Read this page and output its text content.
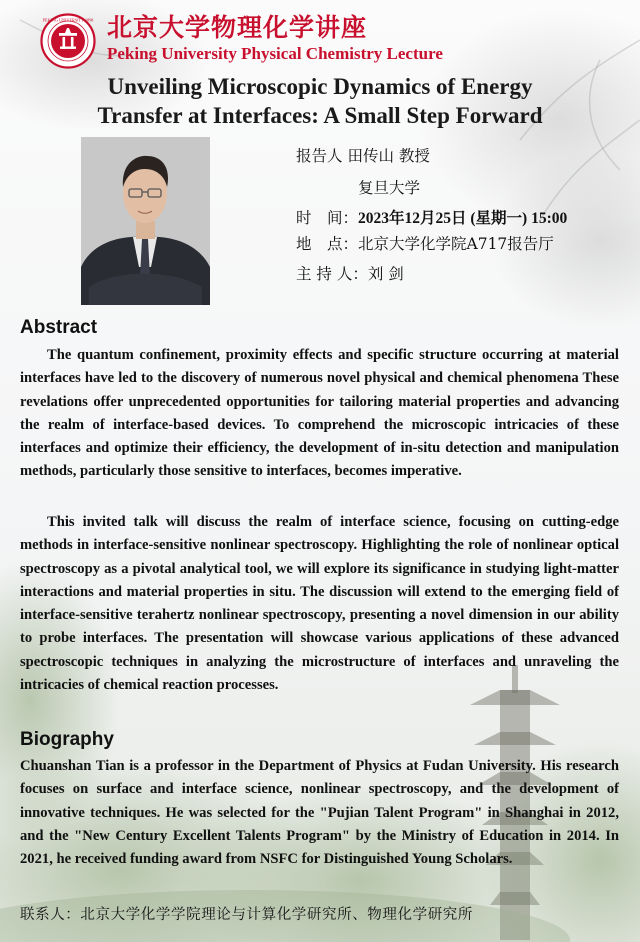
PEKING UNIVERSITY 1898 北京大学物理化学讲座

Peking University Physical Chemistry Lecture

Unveiling Microscopic Dynamics of Energy
Transfer at Interfaces: A Small Step Forward
报告人 田传山 教授
复旦大学
时　间：2023年12月25日 (星期一) 15:00
地　点：北京大学化学院A717报告厅
主 持 人：刘 剑
Abstract

The quantum confinement, proximity effects and specific structure occurring at material interfaces have led to the discovery of numerous novel physical and chemical phenomena These revelations offer unprecedented opportunities for tailoring material properties and advancing the realm of interface-based devices. To comprehend the microscopic intricacies of these interfaces and optimize their efficiency, the development of in-situ detection and manipulation methods, particularly those sensitive to interfaces, becomes imperative.

This invited talk will discuss the realm of interface science, focusing on cutting-edge methods in interface-sensitive nonlinear spectroscopy. Highlighting the role of nonlinear optical spectroscopy as a pivotal analytical tool, we will explore its significance in studying light-matter interactions and material properties in situ. The discussion will extend to the emerging field of interface-sensitive terahertz nonlinear spectroscopy, presenting a novel dimension in our ability to probe interfaces. The presentation will showcase various applications of these advanced spectroscopic techniques in analyzing the microstructure of interfaces and unraveling the intricacies of chemical reaction processes.

Biography

Chuanshan Tian is a professor in the Department of Physics at Fudan University. His research focuses on surface and interface science, nonlinear spectroscopy, and the development of innovative techniques. He was selected for the "Pujian Talent Program" in Shanghai in 2012, and the "New Century Excellent Talents Program" by the Ministry of Education in 2014. In 2021, he received funding award from NSFC for Distinguished Young Scholars.

联系人：北京大学化学学院理论与计算化学研究所、物理化学研究所
